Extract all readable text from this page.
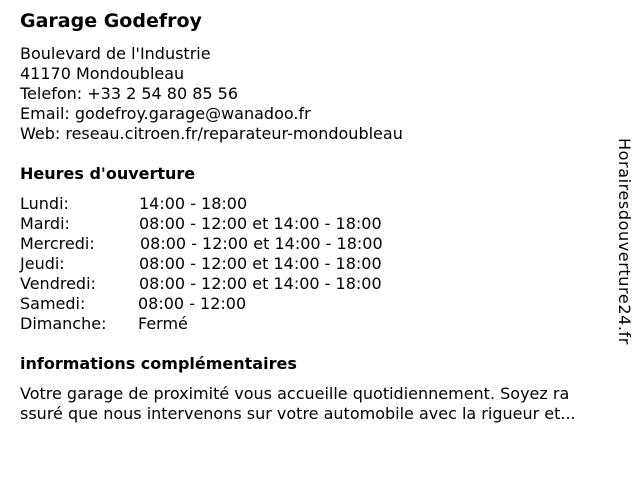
Garage Godefroy
Boulevard de l'Industrie
41170 Mondoubleau
Telefon: +33 2 54 80 85 56
Email: godefroy.garage@wanadoo.fr
Web: reseau.citroen.fr/reparateur-mondoubleau
Heures d'ouverture
Lundi:	14:00 - 18:00
Mardi:	08:00 - 12:00 et 14:00 - 18:00
Mercredi:	08:00 - 12:00 et 14:00 - 18:00
Jeudi:	08:00 - 12:00 et 14:00 - 18:00
Vendredi:	08:00 - 12:00 et 14:00 - 18:00
Samedi:	08:00 - 12:00
Dimanche: Fermé
informations complémentaires
Votre garage de proximité vous accueille quotidiennement. Soyez ra
ssuré que nous intervenons sur votre automobile avec la rigueur et...
Horairesdouverture24.fr
